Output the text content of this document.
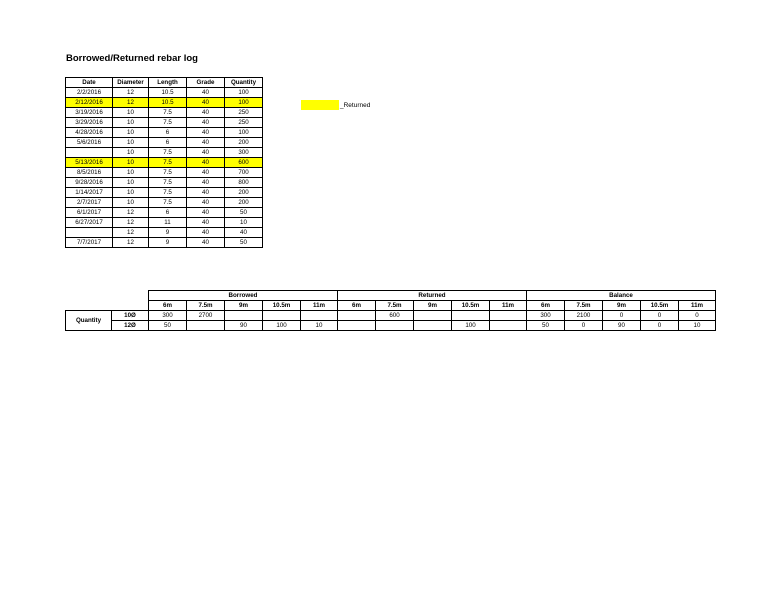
Borrowed/Returned rebar log
Date	Diameter	Length	Grade	Quantity
2/2/2016	12	10.5	40	100
2/12/2016	12	10.5	40	100
3/19/2016	10	7.5	40	250
3/29/2016	10	7.5	40	250
4/28/2016	10	6	40	100
5/6/2016	10	6	40	200
	10	7.5	40	300
5/13/2016	10	7.5	40	600
8/5/2016	10	7.5	40	700
9/28/2016	10	7.5	40	800
1/14/2017	10	7.5	40	200
2/7/2017	10	7.5	40	200
6/1/2017	12	6	40	50
6/27/2017	12	11	40	10
	12	9	40	40
7/7/2017	12	9	40	50
_Returned
		Borrowed					Returned					Balance				
		6m	7.5m	9m	10.5m	11m	6m	7.5m	9m	10.5m	11m	6m	7.5m	9m	10.5m	11m
Quantity	10Ø	300	2700					600				300	2100	0	0	0
	12Ø	50		90	100	10				100		50	0	90	0	10
